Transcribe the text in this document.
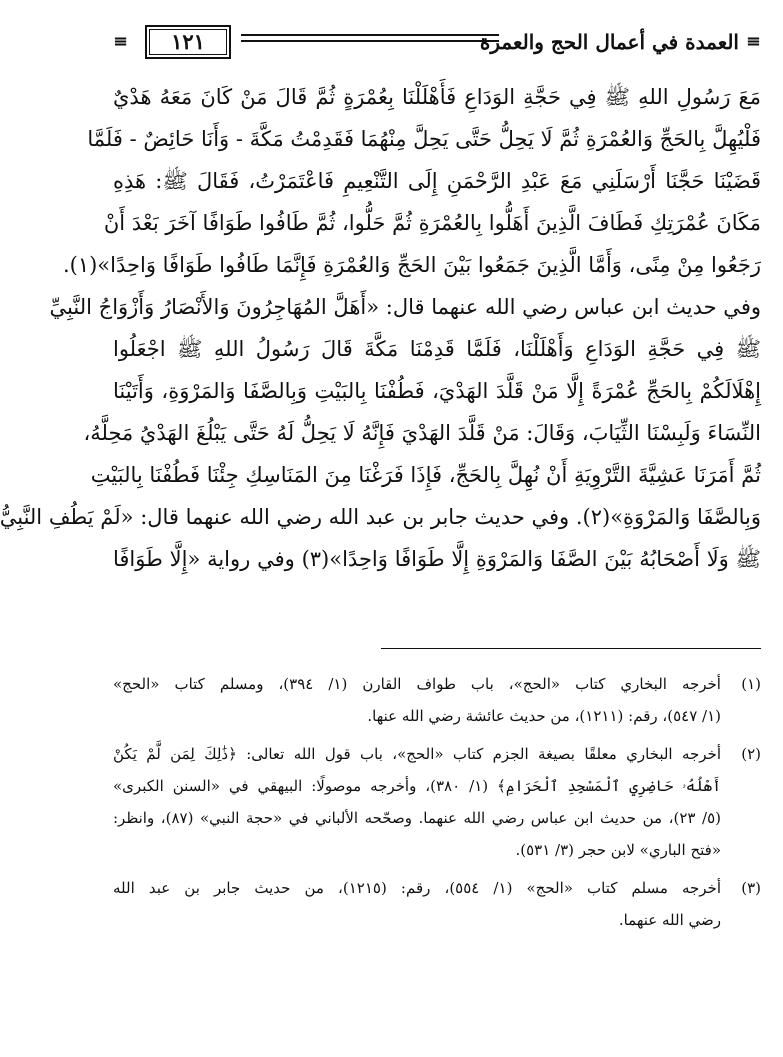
≡
العمدة في أعمال الحج والعمرة
١٢١
≡
مَعَ رَسُولِ اللهِ ﷺ فِي حَجَّةِ الوَدَاعِ فَأَهْلَلْنَا بِعُمْرَةٍ ثُمَّ قَالَ مَنْ كَانَ مَعَهُ هَدْيٌ
فَلْيُهِلَّ بِالحَجِّ وَالعُمْرَةِ ثُمَّ لَا يَحِلُّ حَتَّى يَحِلَّ مِنْهُمَا فَقَدِمْتُ مَكَّةَ - وَأَنَا حَائِضٌ - فَلَمَّا
قَضَيْنَا حَجَّنَا أَرْسَلَنِي مَعَ عَبْدِ الرَّحْمَنِ إِلَى التَّنْعِيمِ فَاعْتَمَرْتُ، فَقَالَ ﷺ: هَذِهِ
مَكَانَ عُمْرَتِكِ فَطَافَ الَّذِينَ أَهَلُّوا بِالعُمْرَةِ ثُمَّ حَلُّوا، ثُمَّ طَافُوا طَوَافًا آخَرَ بَعْدَ أَنْ
رَجَعُوا مِنْ مِنًى، وَأَمَّا الَّذِينَ جَمَعُوا بَيْنَ الحَجِّ وَالعُمْرَةِ فَإِنَّمَا طَافُوا طَوَافًا وَاحِدًا»(١).
وفي حديث ابن عباس رضي الله عنهما قال: «أَهَلَّ المُهَاجِرُونَ وَالأَنْصَارُ وَأَزْوَاجُ النَّبِيِّ
ﷺ فِي حَجَّةِ الوَدَاعِ وَأَهْلَلْنَا، فَلَمَّا قَدِمْنَا مَكَّةَ قَالَ رَسُولُ اللهِ ﷺ اجْعَلُوا
إِهْلَالَكُمْ بِالحَجِّ عُمْرَةً إِلَّا مَنْ قَلَّدَ الهَدْيَ، فَطُفْنَا بِالبَيْتِ وَبِالصَّفَا وَالمَرْوَةِ، وَأَتَيْنَا
النِّسَاءَ وَلَبِسْنَا الثِّيَابَ، وَقَالَ: مَنْ قَلَّدَ الهَدْيَ فَإِنَّهُ لَا يَحِلُّ لَهُ حَتَّى يَبْلُغَ الهَدْيُ مَحِلَّهُ،
ثُمَّ أَمَرَنَا عَشِيَّةَ التَّرْوِيَةِ أَنْ نُهِلَّ بِالحَجِّ، فَإِذَا فَرَغْنَا مِنَ المَنَاسِكِ جِئْنَا فَطُفْنَا بِالبَيْتِ
وَبِالصَّفَا وَالمَرْوَةِ»(٢). وفي حديث جابر بن عبد الله رضي الله عنهما قال: «لَمْ يَطُفِ النَّبِيُّ
ﷺ وَلَا أَصْحَابُهُ بَيْنَ الصَّفَا وَالمَرْوَةِ إِلَّا طَوَافًا وَاحِدًا»(٣) وفي رواية «إِلَّا طَوَافًا
(١)
أخرجه البخاري كتاب «الحج»، باب طواف القارن (١/ ٣٩٤)، ومسلم كتاب «الحج»
(١/ ٥٤٧)، رقم: (١٢١١)، من حديث عائشة رضي الله عنها.
(٢)
أخرجه البخاري معلقًا بصيغة الجزم كتاب «الحج»، باب قول الله تعالى: ﴿ذَٰلِكَ لِمَن لَّمْ يَكُنْ
أَهْلُهُۥ حَاضِرِي ٱلْمَسْجِدِ ٱلْحَرَامِ﴾ (١/ ٣٨٠)، وأخرجه موصولًا: البيهقي في «السنن الكبرى»
(٥/ ٢٣)، من حديث ابن عباس رضي الله عنهما. وصحّحه الألباني في «حجة النبي» (٨٧)، وانظر:
«فتح الباري» لابن حجر (٣/ ٥٣١).
(٣)
أخرجه مسلم كتاب «الحج» (١/ ٥٥٤)، رقم: (١٢١٥)، من حديث جابر بن عبد الله
رضي الله عنهما.
